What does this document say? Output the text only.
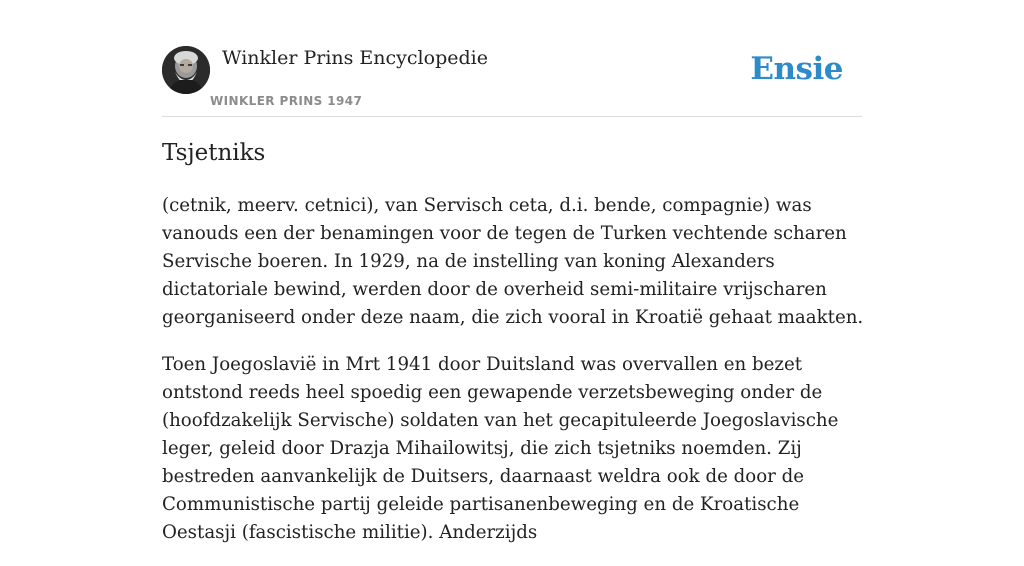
Winkler Prins Encyclopedie
WINKLER PRINS 1947
Ensie
Tsjetniks

(cetnik, meerv. cetnici), van Servisch ceta, d.i. bende, compagnie) was vanouds een der benamingen voor de tegen de Turken vechtende scharen Servische boeren. In 1929, na de instelling van koning Alexanders dictatoriale bewind, werden door de overheid semi-militaire vrijscharen georganiseerd onder deze naam, die zich vooral in Kroatië gehaat maakten.

Toen Joegoslavië in Mrt 1941 door Duitsland was overvallen en bezet ontstond reeds heel spoedig een gewapende verzetsbeweging onder de (hoofdzakelijk Servische) soldaten van het gecapituleerde Joegoslavische leger, geleid door Drazja Mihailowitsj, die zich tsjetniks noemden. Zij bestreden aanvankelijk de Duitsers, daarnaast weldra ook de door de Communistische partij geleide partisanenbeweging en de Kroatische Oestasji (fascistische militie). Anderzijds
